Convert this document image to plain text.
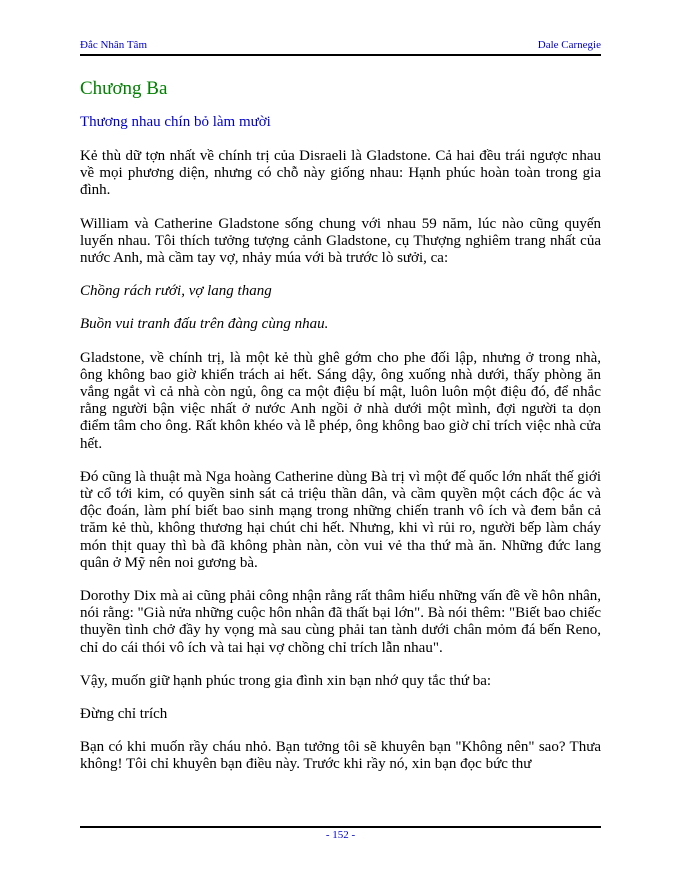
Đắc Nhân Tâm	Dale Carnegie
Chương Ba
Thương nhau chín bỏ làm mười

Kẻ thù dữ tợn nhất về chính trị của Disraeli là Gladstone. Cả hai đều trái ngược nhau về mọi phương diện, nhưng có chỗ này giống nhau: Hạnh phúc hoàn toàn trong gia đình.

William và Catherine Gladstone sống chung với nhau 59 năm, lúc nào cũng quyến luyến nhau. Tôi thích tưởng tượng cảnh Gladstone, cụ Thượng nghiêm trang nhất của nước Anh, mà cầm tay vợ, nhảy múa với bà trước lò sưởi, ca:

Chồng rách rưới, vợ lang thang

Buồn vui tranh đấu trên đàng cùng nhau.

Gladstone, về chính trị, là một kẻ thù ghê gớm cho phe đối lập, nhưng ở trong nhà, ông không bao giờ khiển trách ai hết. Sáng dậy, ông xuống nhà dưới, thấy phòng ăn vắng ngắt vì cả nhà còn ngủ, ông ca một điệu bí mật, luôn luôn một điệu đó, để nhắc rằng người bận việc nhất ở nước Anh ngồi ở nhà dưới một mình, đợi người ta dọn điểm tâm cho ông. Rất khôn khéo và lễ phép, ông không bao giờ chỉ trích việc nhà cửa hết.

Đó cũng là thuật mà Nga hoàng Catherine dùng Bà trị vì một đế quốc lớn nhất thế giới từ cổ tới kim, có quyền sinh sát cả triệu thần dân, và cầm quyền một cách độc ác và độc đoán, làm phí biết bao sinh mạng trong những chiến tranh vô ích và đem bắn cả trăm kẻ thù, không thương hại chút chi hết. Nhưng, khi vì rủi ro, người bếp làm cháy món thịt quay thì bà đã không phàn nàn, còn vui vẻ tha thứ mà ăn. Những đức lang quân ở Mỹ nên noi gương bà.

Dorothy Dix mà ai cũng phải công nhận rằng rất thâm hiểu những vấn đề về hôn nhân, nói rằng: "Già nửa những cuộc hôn nhân đã thất bại lớn". Bà nói thêm: "Biết bao chiếc thuyền tình chở đầy hy vọng mà sau cùng phải tan tành dưới chân mỏm đá bến Reno, chỉ do cái thói vô ích và tai hại vợ chồng chỉ trích lẫn nhau".

Vậy, muốn giữ hạnh phúc trong gia đình xin bạn nhớ quy tắc thứ ba:

Đừng chỉ trích

Bạn có khi muốn rầy cháu nhỏ. Bạn tưởng tôi sẽ khuyên bạn "Không nên" sao? Thưa không! Tôi chỉ khuyên bạn điều này. Trước khi rầy nó, xin bạn đọc bức thư

- 152 -
